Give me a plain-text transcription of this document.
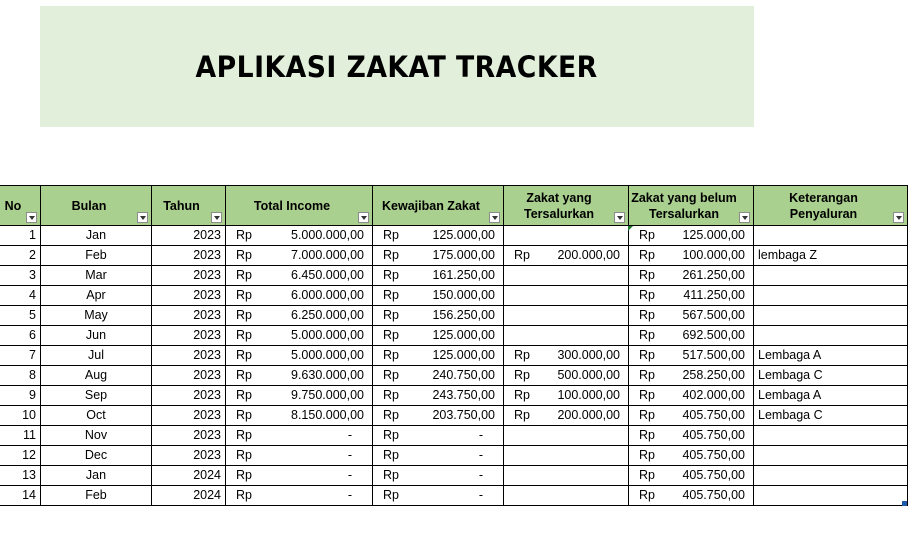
APLIKASI ZAKAT TRACKER
No	Bulan	Tahun	Total Income	Kewajiban Zakat	Zakat yang Tersalurkan	Zakat yang belum Tersalurkan	Keterangan Penyaluran

1	Jan	2023	Rp 5.000.000,00	Rp 125.000,00		Rp 125.000,00	

2	Feb	2023	Rp 7.000.000,00	Rp 175.000,00	Rp 200.000,00	Rp 100.000,00	lembaga Z
3	Mar	2023	Rp 6.450.000,00	Rp 161.250,00		Rp 261.250,00	

4	Apr	2023	Rp 6.000.000,00	Rp 150.000,00		Rp 411.250,00	

5	May	2023	Rp 6.250.000,00	Rp 156.250,00		Rp 567.500,00	

6	Jun	2023	Rp 5.000.000,00	Rp 125.000,00		Rp 692.500,00	

7	Jul	2023	Rp 5.000.000,00	Rp 125.000,00	Rp 300.000,00	Rp 517.500,00	Lembaga A
8	Aug	2023	Rp 9.630.000,00	Rp 240.750,00	Rp 500.000,00	Rp 258.250,00	Lembaga C
9	Sep	2023	Rp 9.750.000,00	Rp 243.750,00	Rp 100.000,00	Rp 402.000,00	Lembaga A
10	Oct	2023	Rp 8.150.000,00	Rp 203.750,00	Rp 200.000,00	Rp 405.750,00	Lembaga C
11	Nov	2023	Rp -	Rp -		Rp 405.750,00	

12	Dec	2023	Rp -	Rp -		Rp 405.750,00	

13	Jan	2024	Rp -	Rp -		Rp 405.750,00	

14	Feb	2024	Rp -	Rp -		Rp 405.750,00	
